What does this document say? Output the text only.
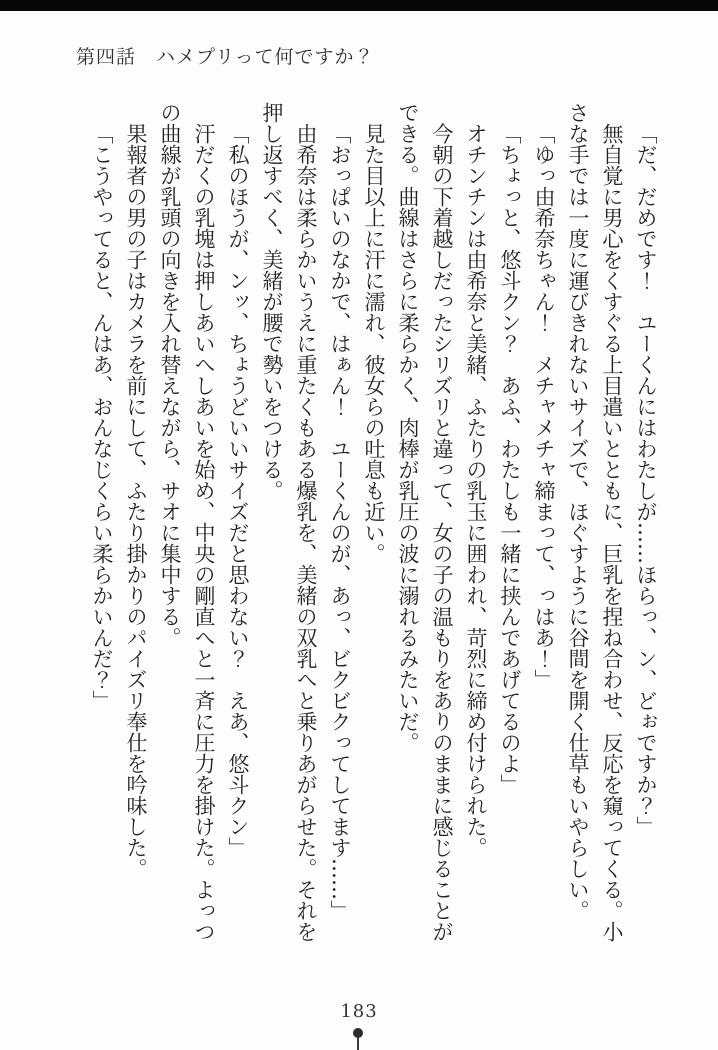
第四話　ハメプリって何ですか？
「だ、だめです！　ユーくんにはわたしが……ほらっ、ン、どぉですか？」
無自覚に男心をくすぐる上目遣いとともに、巨乳を捏ね合わせ、反応を窺ってくる。小
さな手では一度に運びきれないサイズで、ほぐすように谷間を開く仕草もいやらしい。
「ゆっ由希奈ちゃん！　メチャメチャ締まって、っはあ！」
「ちょっと、悠斗クン？　あふ、わたしも一緒に挟んであげてるのよ」
オチンチンは由希奈と美緒、ふたりの乳玉に囲われ、苛烈に締め付けられた。
今朝の下着越しだったシリズリと違って、女の子の温もりをありのままに感じることが
できる。曲線はさらに柔らかく、肉棒が乳圧の波に溺れるみたいだ。
見た目以上に汗に濡れ、彼女らの吐息も近い。
「おっぱいのなかで、はぁん！　ユーくんのが、あっ、ビクビクってしてます……」
由希奈は柔らかいうえに重たくもある爆乳を、美緒の双乳へと乗りあがらせた。それを
押し返すべく、美緒が腰で勢いをつける。
「私のほうが、ンッ、ちょうどいいサイズだと思わない？　えあ、悠斗クン」
汗だくの乳塊は押しあいへしあいを始め、中央の剛直へと一斉に圧力を掛けた。よっつ
の曲線が乳頭の向きを入れ替えながら、サオに集中する。
果報者の男の子はカメラを前にして、ふたり掛かりのパイズリ奉仕を吟味した。
「こうやってると、んはあ、おんなじくらい柔らかいんだ？」
183
